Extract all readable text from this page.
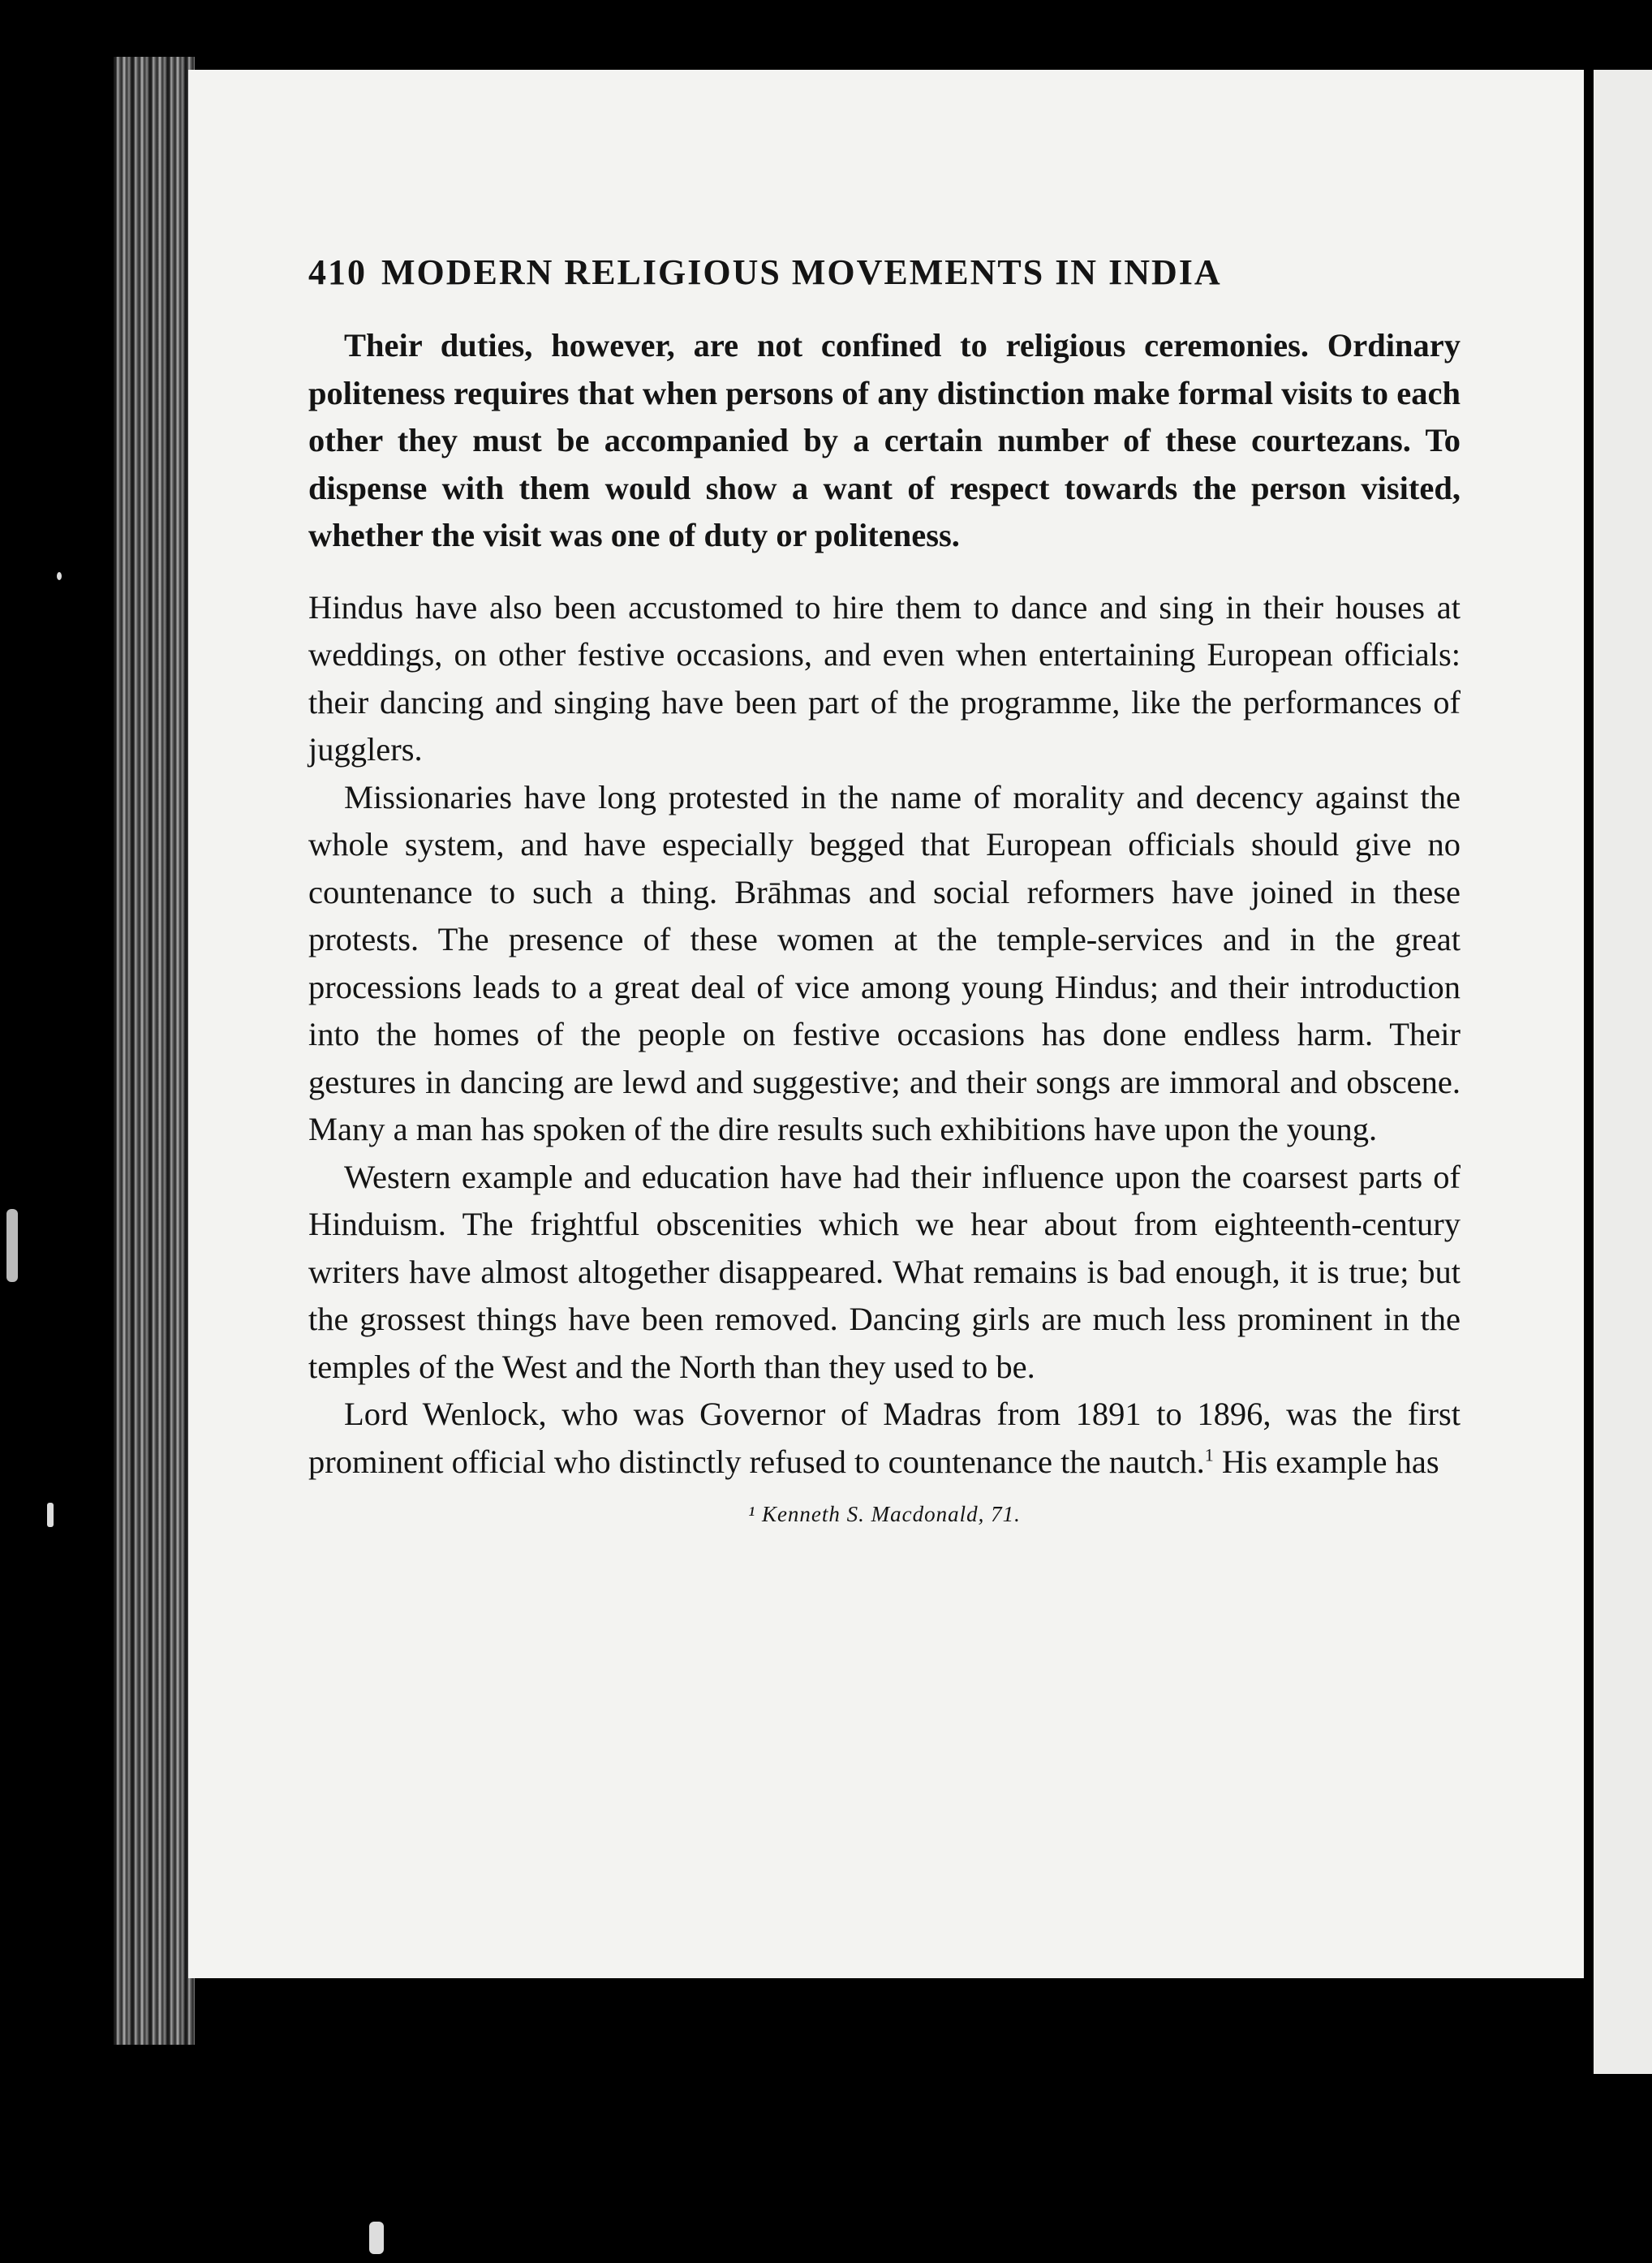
410 MODERN RELIGIOUS MOVEMENTS IN INDIA

Their duties, however, are not confined to religious ceremonies. Ordinary politeness requires that when persons of any distinction make formal visits to each other they must be accompanied by a certain number of these courtezans. To dispense with them would show a want of respect towards the person visited, whether the visit was one of duty or politeness.

Hindus have also been accustomed to hire them to dance and sing in their houses at weddings, on other festive occasions, and even when entertaining European officials: their dancing and singing have been part of the programme, like the performances of jugglers.

Missionaries have long protested in the name of morality and decency against the whole system, and have especially begged that European officials should give no countenance to such a thing. Brāhmas and social reformers have joined in these protests. The presence of these women at the temple-services and in the great processions leads to a great deal of vice among young Hindus; and their introduction into the homes of the people on festive occasions has done endless harm. Their gestures in dancing are lewd and suggestive; and their songs are immoral and obscene. Many a man has spoken of the dire results such exhibitions have upon the young.

Western example and education have had their influence upon the coarsest parts of Hinduism. The frightful obscenities which we hear about from eighteenth-century writers have almost altogether disappeared. What remains is bad enough, it is true; but the grossest things have been removed. Dancing girls are much less prominent in the temples of the West and the North than they used to be.

Lord Wenlock, who was Governor of Madras from 1891 to 1896, was the first prominent official who distinctly refused to countenance the nautch.$^1$ His example has

¹ Kenneth S. Macdonald, 71.
